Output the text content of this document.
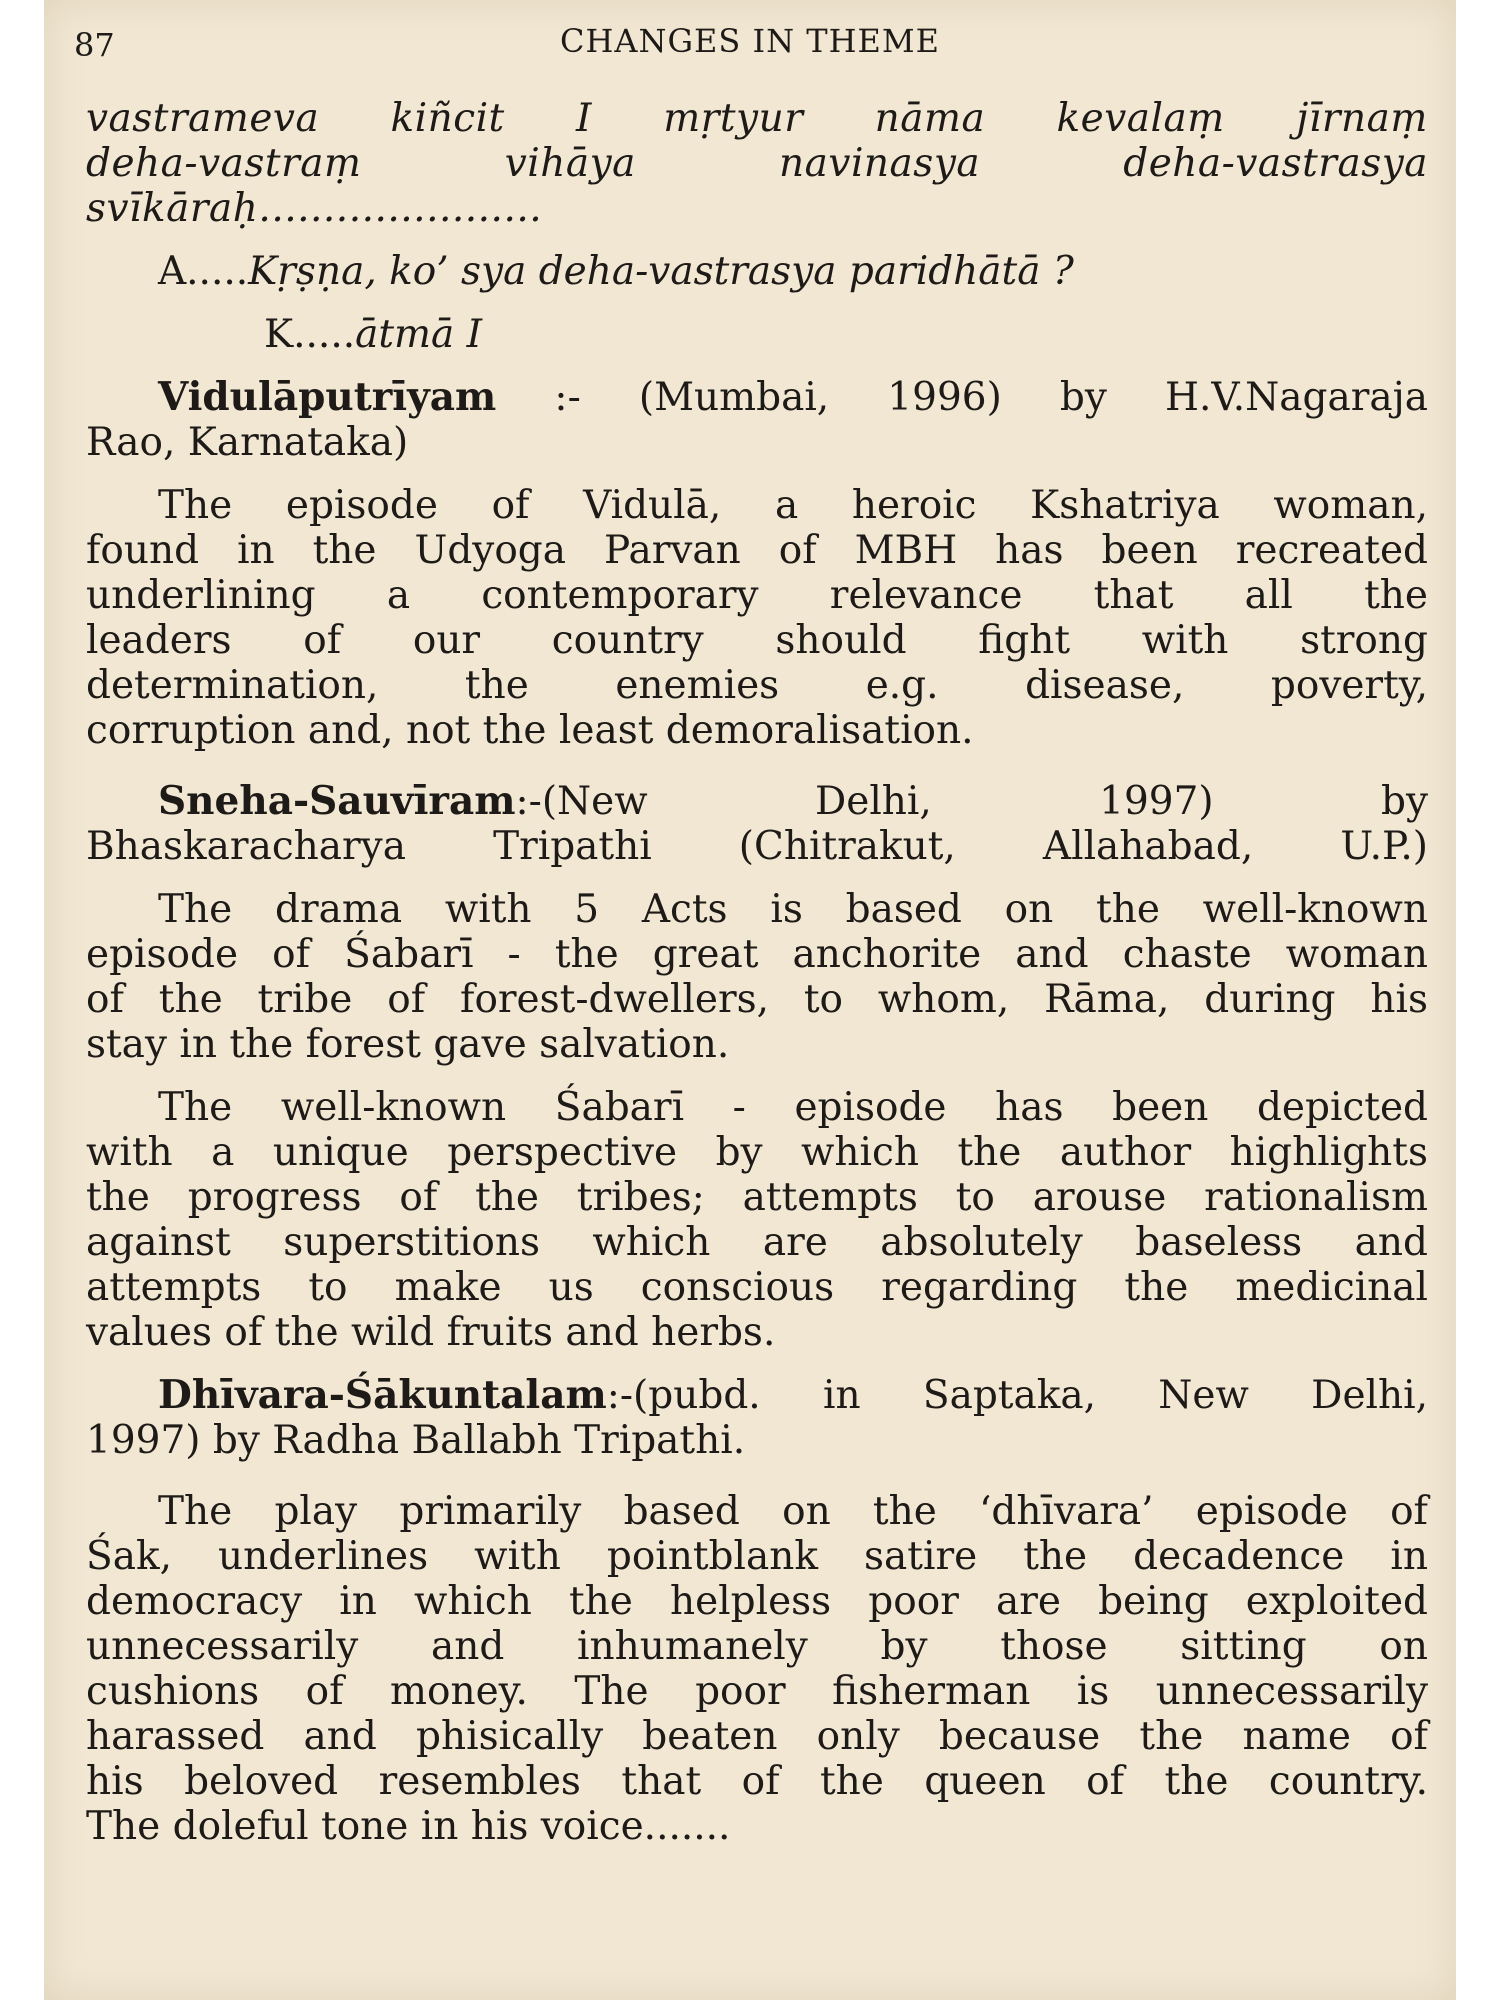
87	CHANGES IN THEME

vastrameva kiñcit I mṛtyur nāma kevalaṃ jīrnaṃ

deha-vastraṃ vihāya navinasya deha-vastrasya

svīkāraḥ......................

A.....Kṛṣṇa, ko’ sya deha-vastrasya paridhātā ?

K.....ātmā I

Vidulāputrīyam :- (Mumbai, 1996) by H.V.Nagaraja

Rao, Karnataka)

The episode of Vidulā, a heroic Kshatriya woman,

found in the Udyoga Parvan of MBH has been recreated

underlining a contemporary relevance that all the

leaders of our country should fight with strong

determination, the enemies e.g. disease, poverty,

corruption and, not the least demoralisation.

Sneha-Sauvīram:-(New Delhi, 1997) by

Bhaskaracharya Tripathi (Chitrakut, Allahabad, U.P.)

The drama with 5 Acts is based on the well-known

episode of Śabarī - the great anchorite and chaste woman

of the tribe of forest-dwellers, to whom, Rāma, during his

stay in the forest gave salvation.

The well-known Śabarī - episode has been depicted

with a unique perspective by which the author highlights

the progress of the tribes; attempts to arouse rationalism

against superstitions which are absolutely baseless and

attempts to make us conscious regarding the medicinal

values of the wild fruits and herbs.

Dhīvara-Śākuntalam:-(pubd. in Saptaka, New Delhi,

1997) by Radha Ballabh Tripathi.

The play primarily based on the ‘dhīvara’ episode of

Śak, underlines with pointblank satire the decadence in

democracy in which the helpless poor are being exploited

unnecessarily and inhumanely by those sitting on

cushions of money. The poor fisherman is unnecessarily

harassed and phisically beaten only because the name of

his beloved resembles that of the queen of the country.

The doleful tone in his voice.......
